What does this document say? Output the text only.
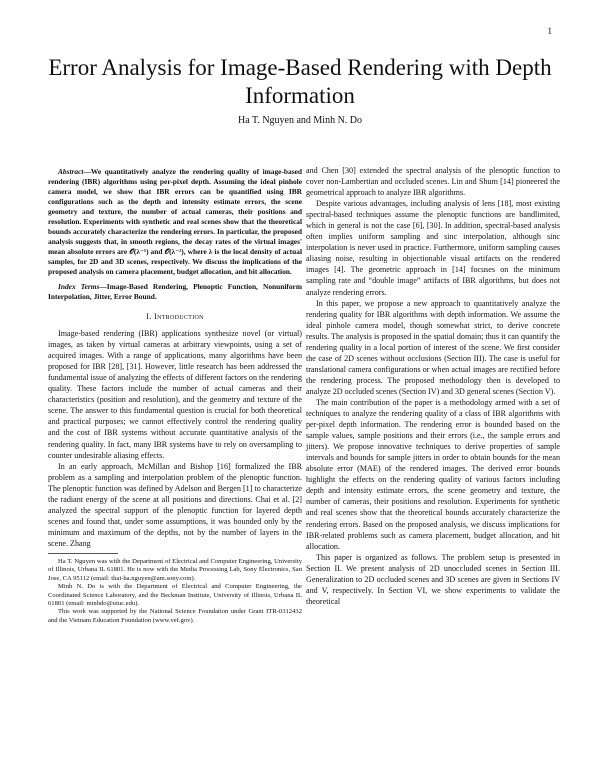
1
Error Analysis for Image-Based Rendering with Depth Information
Ha T. Nguyen and Minh N. Do

Abstract—We quantitatively analyze the rendering quality of image-based rendering (IBR) algorithms using per-pixel depth. Assuming the ideal pinhole camera model, we show that IBR errors can be quantified using IBR configurations such as the depth and intensity estimate errors, the scene geometry and texture, the number of actual cameras, their positions and resolution. Experiments with synthetic and real scenes show that the theoretical bounds accurately characterize the rendering errors. In particular, the proposed analysis suggests that, in smooth regions, the decay rates of the virtual images' mean absolute errors are 𝒪(λ⁻¹) and 𝒪(λ⁻²), where λ is the local density of actual samples, for 2D and 3D scenes, respectively. We discuss the implications of the proposed analysis on camera placement, budget allocation, and bit allocation.

Index Terms—Image-Based Rendering, Plenoptic Function, Nonuniform Interpolation, Jitter, Error Bound.

I. Introduction

Image-based rendering (IBR) applications synthesize novel (or virtual) images, as taken by virtual cameras at arbitrary viewpoints, using a set of acquired images. With a range of applications, many algorithms have been proposed for IBR [28], [31]. However, little research has been addressed the fundamental issue of analyzing the effects of different factors on the rendering quality. These factors include the number of actual cameras and their characteristics (position and resolution), and the geometry and texture of the scene. The answer to this fundamental question is crucial for both theoretical and practical purposes; we cannot effectively control the rendering quality and the cost of IBR systems without accurate quantitative analysis of the rendering quality. In fact, many IBR systems have to rely on oversampling to counter undesirable aliasing effects.

In an early approach, McMillan and Bishop [16] formalized the IBR problem as a sampling and interpolation problem of the plenoptic function. The plenoptic function was defined by Adelson and Bergen [1] to characterize the radiant energy of the scene at all positions and directions. Chai et al. [2] analyzed the spectral support of the plenoptic function for layered depth scenes and found that, under some assumptions, it was bounded only by the minimum and maximum of the depths, not by the number of layers in the scene. Zhang

Ha T. Nguyen was with the Department of Electrical and Computer Engineering, University of Illinois, Urbana IL 61801. He is now with the Media Processing Lab, Sony Electronics, San Jose, CA 95112 (email: thai-ha.nguyen@am.sony.com).

Minh N. Do is with the Department of Electrical and Computer Engineering, the Coordinated Science Laboratory, and the Beckman Institute, University of Illinois, Urbana IL 61801 (email: minhdo@uiuc.edu).

This work was supported by the National Science Foundation under Grant ITR-0312432 and the Vietnam Education Foundation (www.vef.gov).

and Chen [30] extended the spectral analysis of the plenoptic function to cover non-Lambertian and occluded scenes. Lin and Shum [14] pioneered the geometrical approach to analyze IBR algorithms.

Despite various advantages, including analysis of lens [18], most existing spectral-based techniques assume the plenoptic functions are bandlimited, which in general is not the case [6], [30]. In addition, spectral-based analysis often implies uniform sampling and sinc interpolation, although sinc interpolation is never used in practice. Furthermore, uniform sampling causes aliasing noise, resulting in objectionable visual artifacts on the rendered images [4]. The geometric approach in [14] focuses on the minimum sampling rate and “double image” artifacts of IBR algorithms, but does not analyze rendering errors.

In this paper, we propose a new approach to quantitatively analyze the rendering quality for IBR algorithms with depth information. We assume the ideal pinhole camera model, though somewhat strict, to derive concrete results. The analysis is proposed in the spatial domain; thus it can quantify the rendering quality in a local portion of interest of the scene. We first consider the case of 2D scenes without occlusions (Section III). The case is useful for translational camera configurations or when actual images are rectified before the rendering process. The proposed methodology then is developed to analyze 2D occluded scenes (Section IV) and 3D general scenes (Section V).

The main contribution of the paper is a methodology armed with a set of techniques to analyze the rendering quality of a class of IBR algorithms with per-pixel depth information. The rendering error is bounded based on the sample values, sample positions and their errors (i.e., the sample errors and jitters). We propose innovative techniques to derive properties of sample intervals and bounds for sample jitters in order to obtain bounds for the mean absolute error (MAE) of the rendered images. The derived error bounds highlight the effects on the rendering quality of various factors including depth and intensity estimate errors, the scene geometry and texture, the number of cameras, their positions and resolution. Experiments for synthetic and real scenes show that the theoretical bounds accurately characterize the rendering errors. Based on the proposed analysis, we discuss implications for IBR-related problems such as camera placement, budget allocation, and bit allocation.

This paper is organized as follows. The problem setup is presented in Section II. We present analysis of 2D unoccluded scenes in Section III. Generalization to 2D occluded scenes and 3D scenes are given in Sections IV and V, respectively. In Section VI, we show experiments to validate the theoretical
